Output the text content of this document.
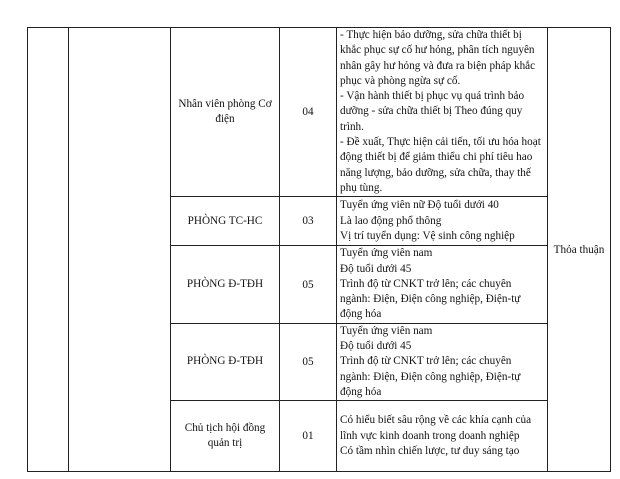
		Nhân viên phòng Cơ điện	04	- Thực hiện bảo dưỡng, sửa chữa thiết bị khắc phục sự cố hư hỏng, phân tích nguyên nhân gây hư hỏng và đưa ra biện pháp khắc phục và phòng ngừa sự cố.

- Vận hành thiết bị phục vụ quá trình bảo dưỡng - sửa chữa thiết bị Theo đúng quy trình.

- Đề xuất, Thực hiện cải tiến, tối ưu hóa hoạt động thiết bị để giảm thiểu chi phí tiêu hao năng lượng, bảo dưỡng, sửa chữa, thay thế phụ tùng.	Thỏa thuận
		PHÒNG TC-HC	03	Tuyển ứng viên nữ Độ tuổi dưới 40

Là lao động phổ thông

Vị trí tuyển dụng: Vệ sinh công nghiệp	

		PHÒNG Đ-TĐH	05	Tuyển ứng viên nam

Độ tuổi dưới 45

Trình độ từ CNKT trở lên; các chuyên ngành: Điện, Điện công nghiệp, Điện-tự động hóa	

		PHÒNG Đ-TĐH	05	Tuyển ứng viên nam

Độ tuổi dưới 45

Trình độ từ CNKT trở lên; các chuyên ngành: Điện, Điện công nghiệp, Điện-tự động hóa	

		Chủ tịch hội đồng quản trị	01	Có hiểu biết sâu rộng về các khía cạnh của lĩnh vực kinh doanh trong doanh nghiệp

Có tầm nhìn chiến lược, tư duy sáng tạo	
